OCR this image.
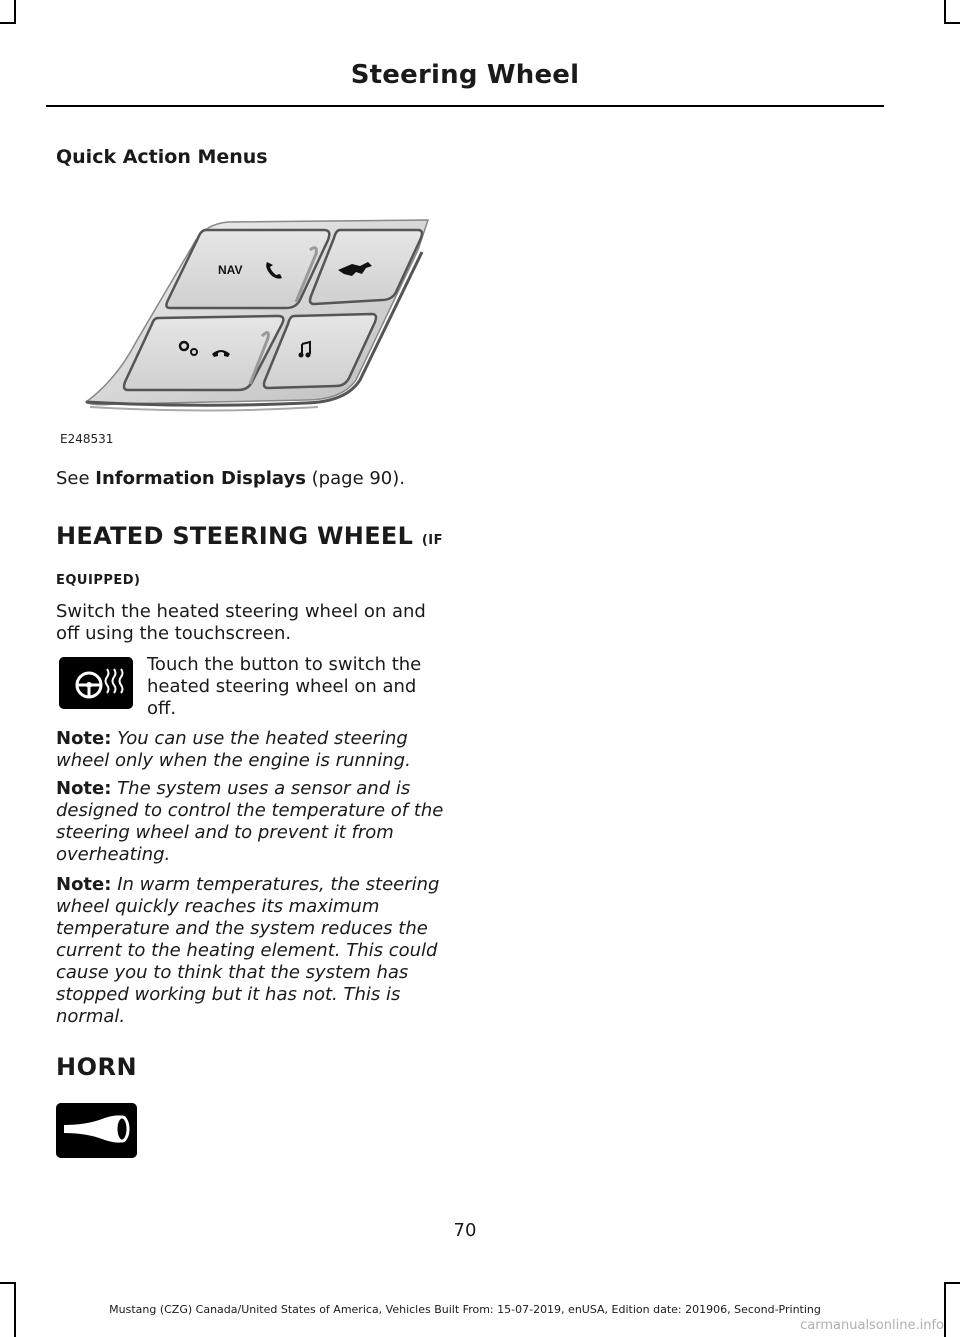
Steering Wheel
Quick Action Menus
NAV
E248531
See Information Displays (page 90).
HEATED STEERING WHEEL (IF
EQUIPPED)
Switch the heated steering wheel on and off using the touchscreen.
Touch the button to switch the heated steering wheel on and off.
Note: You can use the heated steering wheel only when the engine is running.
Note: The system uses a sensor and is designed to control the temperature of the steering wheel and to prevent it from overheating.
Note: In warm temperatures, the steering wheel quickly reaches its maximum temperature and the system reduces the current to the heating element. This could cause you to think that the system has stopped working but it has not. This is normal.
HORN
70
Mustang (CZG) Canada/United States of America, Vehicles Built From: 15-07-2019, enUSA, Edition date: 201906, Second-Printing
carmanualsonline.info
